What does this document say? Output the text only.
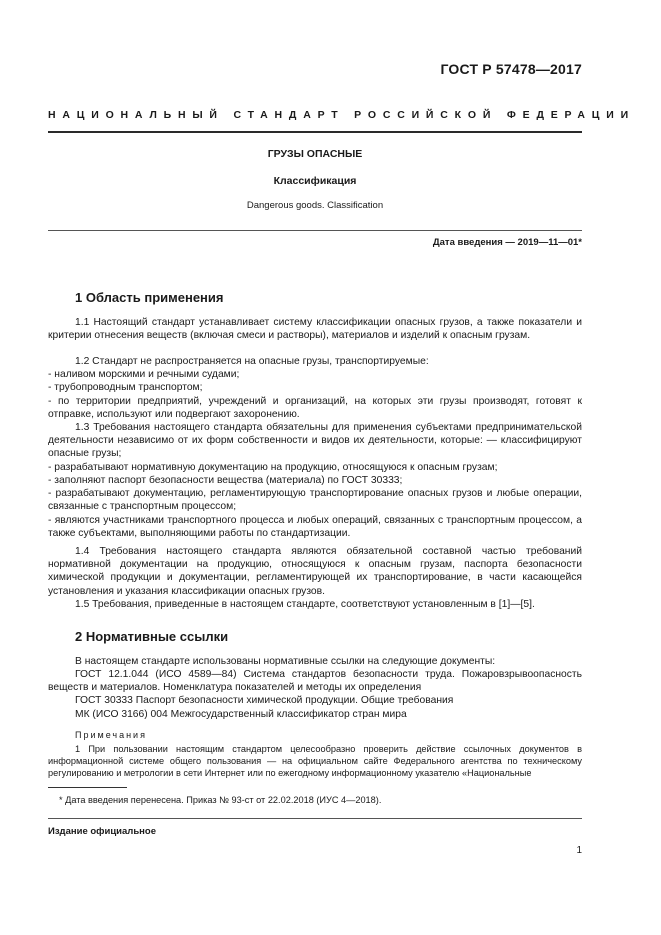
ГОСТ Р 57478—2017
НАЦИОНАЛЬНЫЙ СТАНДАРТ РОССИЙСКОЙ ФЕДЕРАЦИИ
ГРУЗЫ ОПАСНЫЕ
Классификация
Dangerous goods. Classification
Дата введения — 2019—11—01*
1 Область применения
1.1 Настоящий стандарт устанавливает систему классификации опасных грузов, а также показатели и критерии отнесения веществ (включая смеси и растворы), материалов и изделий к опасным грузам.
1.2 Стандарт не распространяется на опасные грузы, транспортируемые:
- наливом морскими и речными судами;
- трубопроводным транспортом;
- по территории предприятий, учреждений и организаций, на которых эти грузы производят, готовят к отправке, используют или подвергают захоронению.
1.3 Требования настоящего стандарта обязательны для применения субъектами предпринимательской деятельности независимо от их форм собственности и видов их деятельности, которые: — классифицируют опасные грузы;
- разрабатывают нормативную документацию на продукцию, относящуюся к опасным грузам;
- заполняют паспорт безопасности вещества (материала) по ГОСТ 30333;
- разрабатывают документацию, регламентирующую транспортирование опасных грузов и любые операции, связанные с транспортным процессом;
- являются участниками транспортного процесса и любых операций, связанных с транспортным процессом, а также субъектами, выполняющими работы по стандартизации.
1.4 Требования настоящего стандарта являются обязательной составной частью требований нормативной документации на продукцию, относящуюся к опасным грузам, паспорта безопасности химической продукции и документации, регламентирующей их транспортирование, в части касающейся установления и указания классификации опасных грузов.
1.5 Требования, приведенные в настоящем стандарте, соответствуют установленным в [1]—[5].
2 Нормативные ссылки
В настоящем стандарте использованы нормативные ссылки на следующие документы:
ГОСТ 12.1.044 (ИСО 4589—84) Система стандартов безопасности труда. Пожаровзрывоопасность веществ и материалов. Номенклатура показателей и методы их определения
ГОСТ 30333 Паспорт безопасности химической продукции. Общие требования
МК (ИСО 3166) 004 Межгосударственный классификатор стран мира
Примечания
1 При пользовании настоящим стандартом целесообразно проверить действие ссылочных документов в информационной системе общего пользования — на официальном сайте Федерального агентства по техническому регулированию и метрологии в сети Интернет или по ежегодному информационному указателю «Национальные
* Дата введения перенесена. Приказ № 93-ст от 22.02.2018 (ИУС 4—2018).
Издание официальное
1
